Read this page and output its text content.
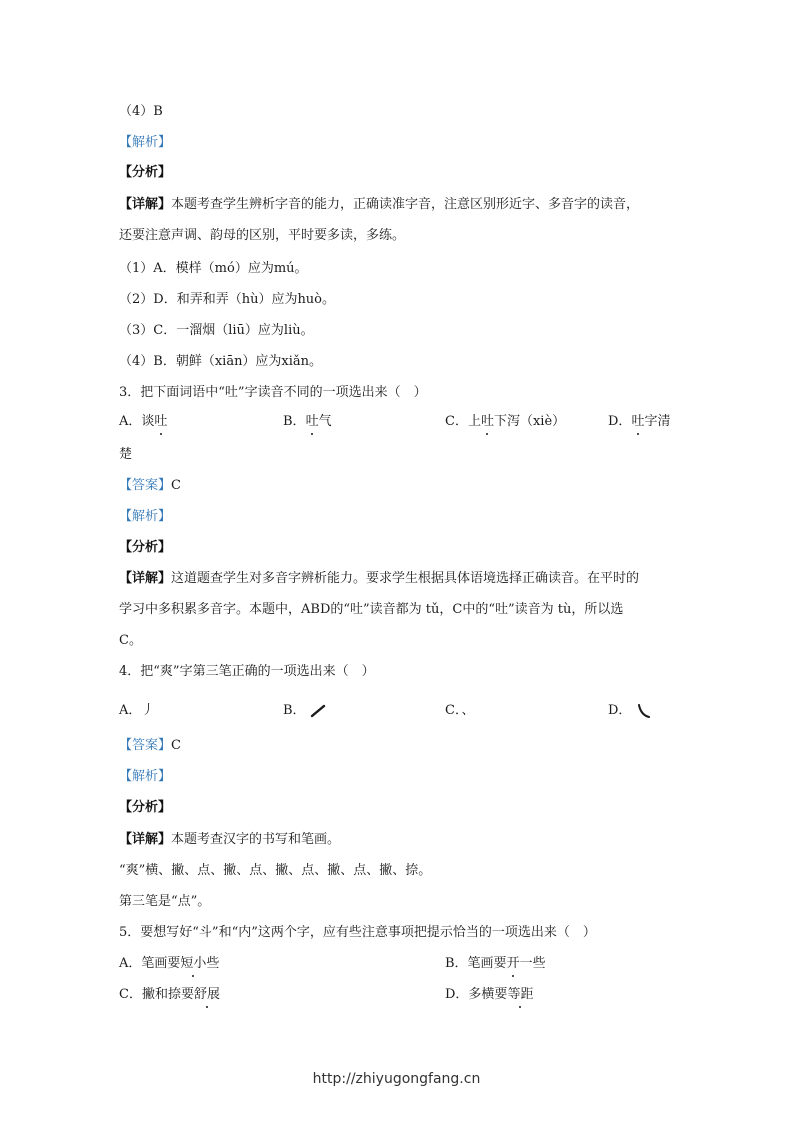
（4）B
【解析】
【分析】
【详解】本题考查学生辨析字音的能力，正确读准字音，注意区别形近字、多音字的读音，
还要注意声调、韵母的区别，平时要多读，多练。
（1）A．模样（mó）应为mú。
（2）D．和弄和弄（hù）应为huò。
（3）C．一溜烟（liū）应为liù。
（4）B．朝鲜（xiān）应为xiǎn。
3．把下面词语中“吐”字读音不同的一项选出来（　）
A．谈吐	B．吐气	C．上吐下泻（xiè）	D．吐字清
楚
【答案】C
【解析】
【分析】
【详解】这道题查学生对多音字辨析能力。要求学生根据具体语境选择正确读音。在平时的
学习中多积累多音字。本题中，ABD的“吐”读音都为 tǔ，C中的“吐”读音为 tù，所以选
C。
4．把“爽”字第三笔正确的一项选出来（　）
A．丿	B．	C．、	D．
【答案】C
【解析】
【分析】
【详解】本题考查汉字的书写和笔画。
“爽”横、撇、点、撇、点、撇、点、撇、点、撇、捺。
第三笔是“点”。
5．要想写好“斗”和“内”这两个字，应有些注意事项把提示恰当的一项选出来（　）
A．笔画要短小些	B．笔画要开一些
C．撇和捺要舒展	D．多横要等距
http://zhiyugongfang.cn
